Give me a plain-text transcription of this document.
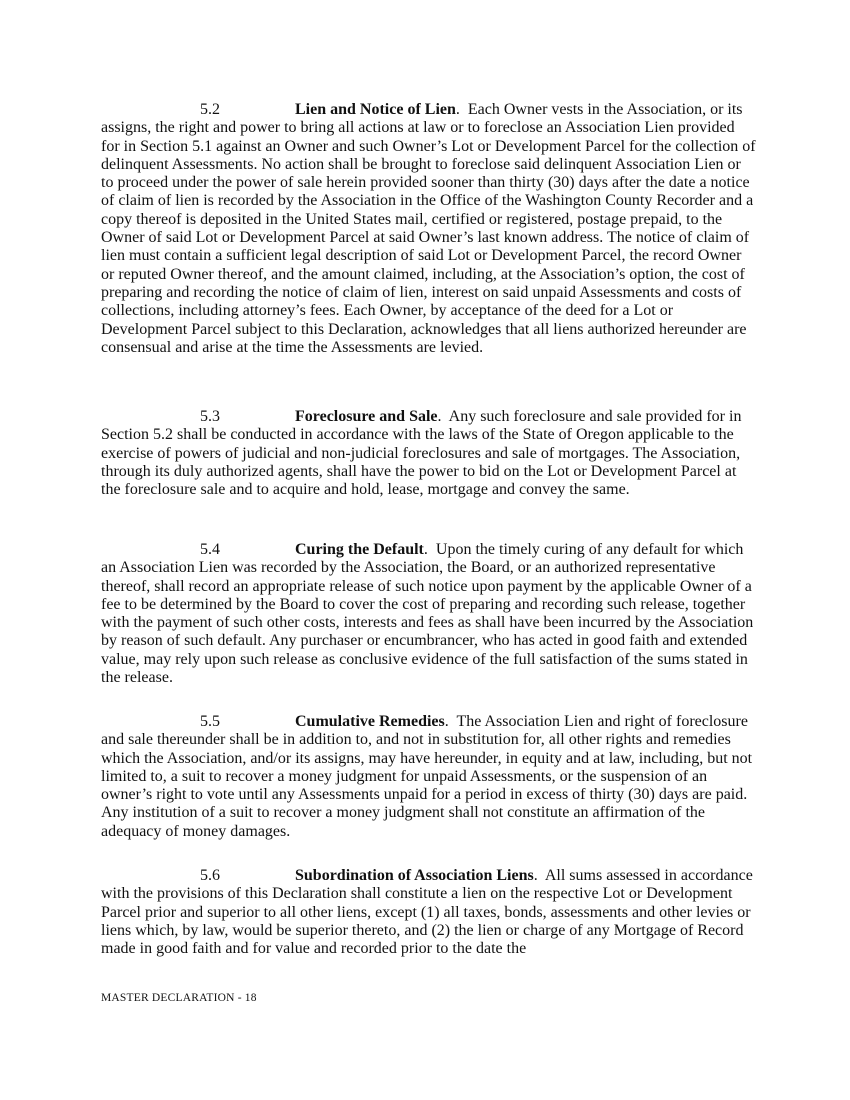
5.2	Lien and Notice of Lien.  Each Owner vests in the Association, or its assigns, the right and power to bring all actions at law or to foreclose an Association Lien provided for in Section 5.1 against an Owner and such Owner’s Lot or Development Parcel for the collection of delinquent Assessments. No action shall be brought to foreclose said delinquent Association Lien or to proceed under the power of sale herein provided sooner than thirty (30) days after the date a notice of claim of lien is recorded by the Association in the Office of the Washington County Recorder and a copy thereof is deposited in the United States mail, certified or registered, postage prepaid, to the Owner of said Lot or Development Parcel at said Owner’s last known address. The notice of claim of lien must contain a sufficient legal description of said Lot or Development Parcel, the record Owner or reputed Owner thereof, and the amount claimed, including, at the Association’s option, the cost of preparing and recording the notice of claim of lien, interest on said unpaid Assessments and costs of collections, including attorney’s fees. Each Owner, by acceptance of the deed for a Lot or Development Parcel subject to this Declaration, acknowledges that all liens authorized hereunder are consensual and arise at the time the Assessments are levied.

5.3	Foreclosure and Sale.  Any such foreclosure and sale provided for in Section 5.2 shall be conducted in accordance with the laws of the State of Oregon applicable to the exercise of powers of judicial and non-judicial foreclosures and sale of mortgages. The Association, through its duly authorized agents, shall have the power to bid on the Lot or Development Parcel at the foreclosure sale and to acquire and hold, lease, mortgage and convey the same.

5.4	Curing the Default.  Upon the timely curing of any default for which an Association Lien was recorded by the Association, the Board, or an authorized representative thereof, shall record an appropriate release of such notice upon payment by the applicable Owner of a fee to be determined by the Board to cover the cost of preparing and recording such release, together with the payment of such other costs, interests and fees as shall have been incurred by the Association by reason of such default. Any purchaser or encumbrancer, who has acted in good faith and extended value, may rely upon such release as conclusive evidence of the full satisfaction of the sums stated in the release.

5.5	Cumulative Remedies.  The Association Lien and right of foreclosure and sale thereunder shall be in addition to, and not in substitution for, all other rights and remedies which the Association, and/or its assigns, may have hereunder, in equity and at law, including, but not limited to, a suit to recover a money judgment for unpaid Assessments, or the suspension of an owner’s right to vote until any Assessments unpaid for a period in excess of thirty (30) days are paid. Any institution of a suit to recover a money judgment shall not constitute an affirmation of the adequacy of money damages.

5.6	Subordination of Association Liens.  All sums assessed in accordance with the provisions of this Declaration shall constitute a lien on the respective Lot or Development Parcel prior and superior to all other liens, except (1) all taxes, bonds, assessments and other levies or liens which, by law, would be superior thereto, and (2) the lien or charge of any Mortgage of Record made in good faith and for value and recorded prior to the date the

MASTER DECLARATION - 18
